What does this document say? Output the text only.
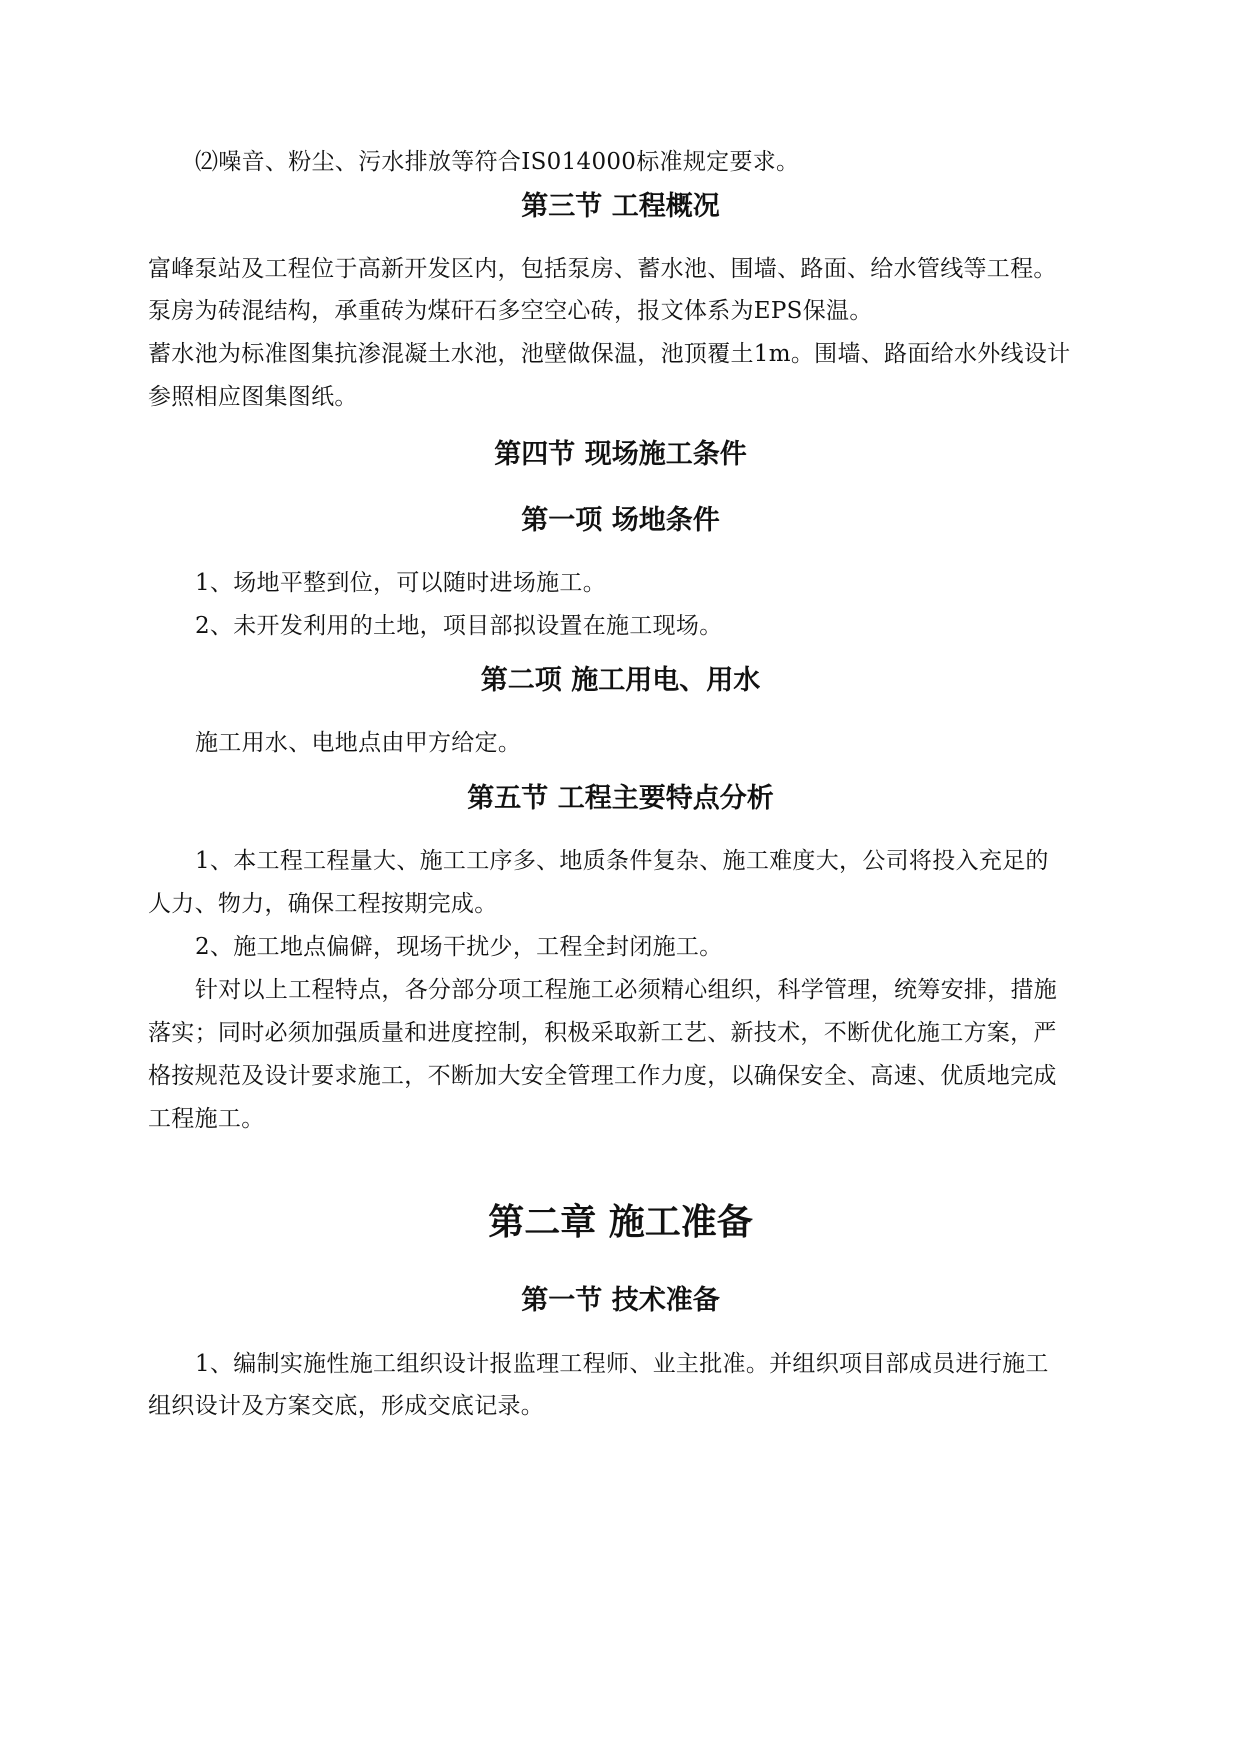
⑵噪音、粉尘、污水排放等符合IS014000标准规定要求。
第三节 工程概况
富峰泵站及工程位于高新开发区内，包括泵房、蓄水池、围墙、路面、给水管线等工程。
泵房为砖混结构，承重砖为煤矸石多空空心砖，报文体系为EPS保温。
蓄水池为标准图集抗渗混凝土水池，池壁做保温，池顶覆土1m。围墙、路面给水外线设计
参照相应图集图纸。
第四节 现场施工条件
第一项 场地条件
1、场地平整到位，可以随时进场施工。
2、未开发利用的土地，项目部拟设置在施工现场。
第二项 施工用电、用水
施工用水、电地点由甲方给定。
第五节 工程主要特点分析
1、本工程工程量大、施工工序多、地质条件复杂、施工难度大，公司将投入充足的
人力、物力，确保工程按期完成。
2、施工地点偏僻，现场干扰少，工程全封闭施工。
针对以上工程特点，各分部分项工程施工必须精心组织，科学管理，统筹安排，措施
落实；同时必须加强质量和进度控制，积极采取新工艺、新技术，不断优化施工方案，严
格按规范及设计要求施工，不断加大安全管理工作力度，以确保安全、高速、优质地完成
工程施工。
第二章 施工准备
第一节 技术准备
1、编制实施性施工组织设计报监理工程师、业主批准。并组织项目部成员进行施工
组织设计及方案交底，形成交底记录。
